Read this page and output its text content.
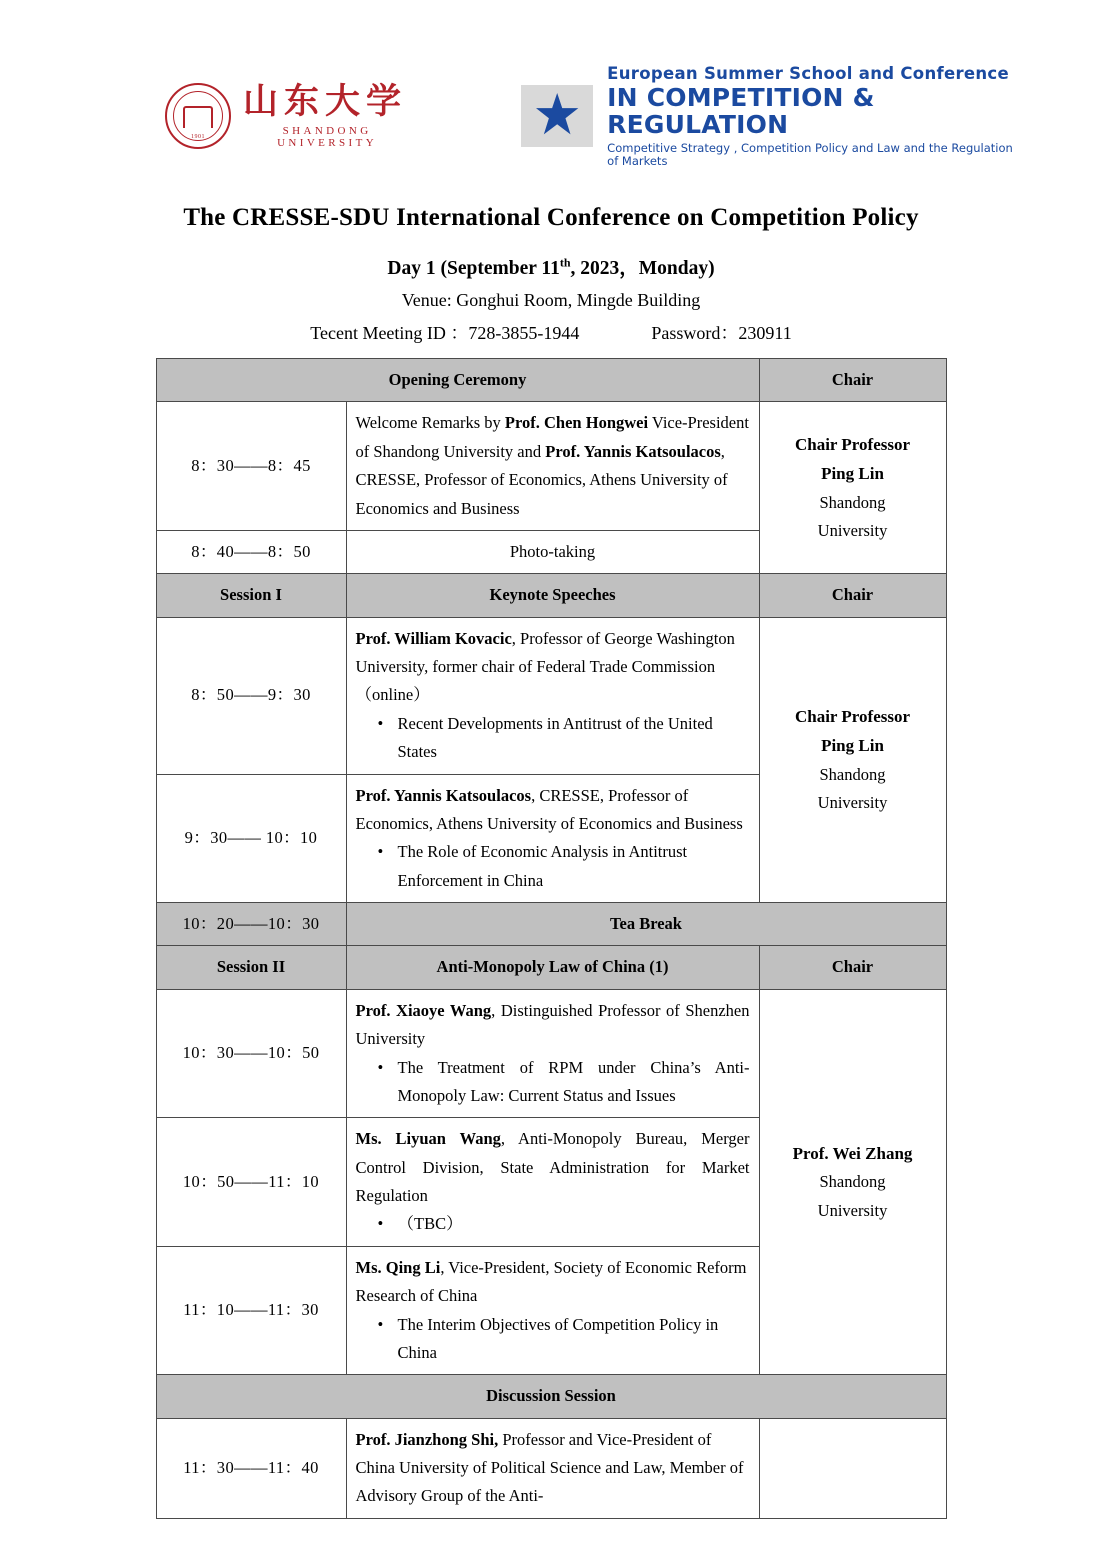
1901
山东大学
SHANDONG UNIVERSITY
European Summer School and Conference
IN COMPETITION & REGULATION
Competitive Strategy , Competition Policy and Law and the Regulation of Markets
The CRESSE-SDU International Conference on Competition Policy
Day 1 (September 11th, 2023，Monday)
Venue: Gonghui Room, Mingde Building
Tecent Meeting ID ：728-3855-1944	Password：230911
Opening Ceremony		Chair
8：30——8：45	Welcome Remarks by Prof. Chen Hongwei Vice-President of Shandong University and Prof. Yannis Katsoulacos, CRESSE, Professor of Economics, Athens University of Economics and Business	Chair Professor
Ping Lin
Shandong
University

8：40——8：50	Photo-taking	
Session I	Keynote Speeches	Chair
8：50——9：30	Prof. William Kovacic, Professor of George Washington University, former chair of Federal Trade Commission （online）
• Recent Developments in Antitrust of the United States

Chair Professor
Ping Lin
Shandong
University

9：30—— 10：10	Prof. Yannis Katsoulacos, CRESSE, Professor of Economics, Athens University of Economics and Business
• The Role of Economic Analysis in Antitrust Enforcement in China

10：20——10：30	Tea Break	
Session II	Anti-Monopoly Law of China (1)	Chair
10：30——10：50	Prof. Xiaoye Wang, Distinguished Professor of Shenzhen University
• The Treatment of RPM under China’s Anti-Monopoly Law: Current Status and Issues

Prof. Wei Zhang
Shandong
University

10：50——11：10	Ms. Liyuan Wang, Anti-Monopoly Bureau, Merger Control Division, State Administration for Market Regulation
• （TBC）

11：10——11：30	Ms. Qing Li, Vice-President, Society of Economic Reform Research of China
• The Interim Objectives of Competition Policy in China

Discussion Session		
11：30——11：40	Prof. Jianzhong Shi, Professor and Vice-President of China University of Political Science and Law, Member of Advisory Group of the Anti-	
